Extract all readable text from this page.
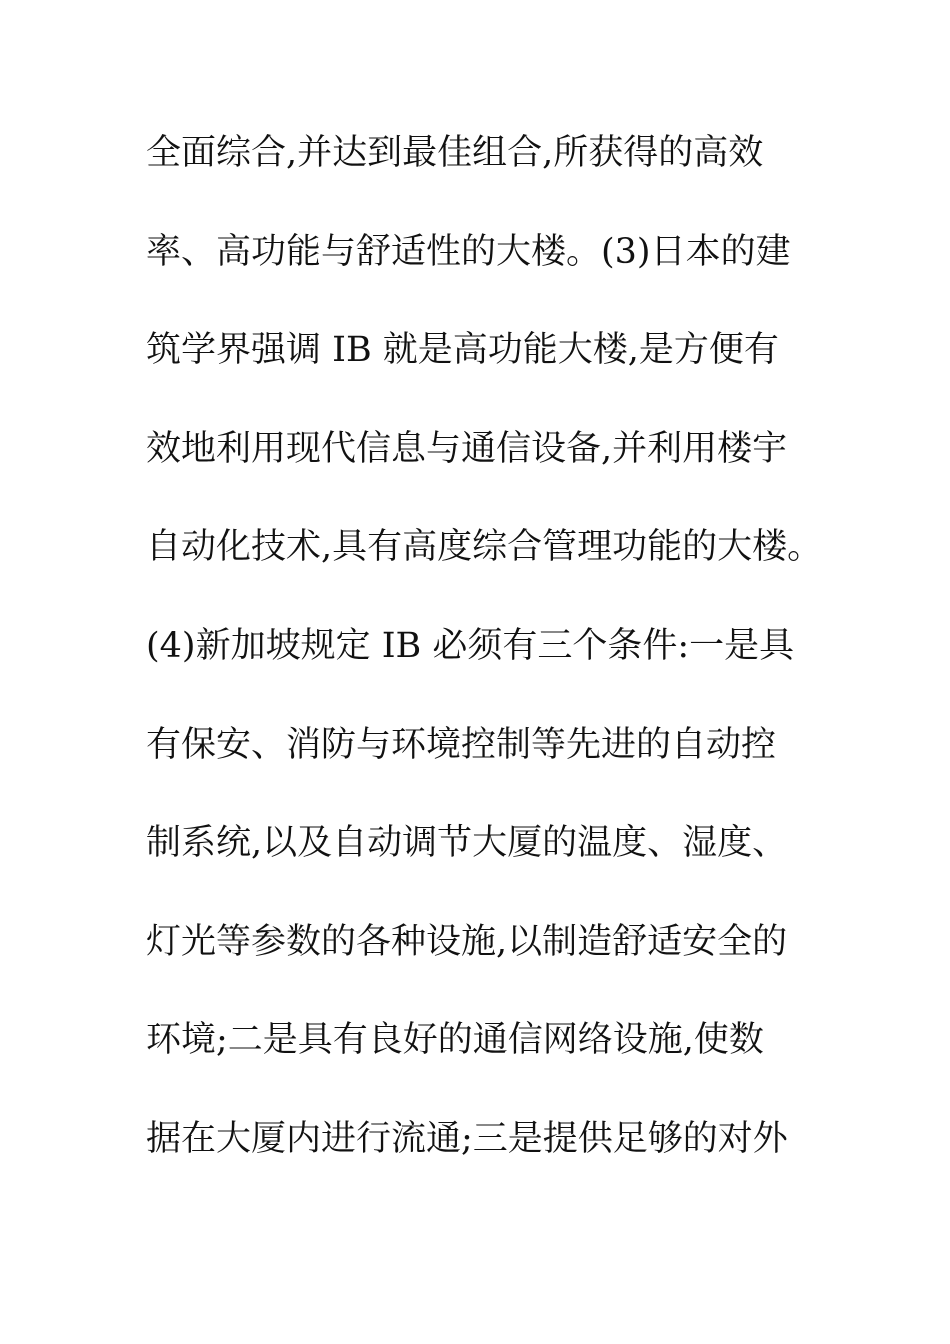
全面综合,并达到最佳组合,所获得的高效
率、高功能与舒适性的大楼。(3)日本的建
筑学界强调 IB 就是高功能大楼,是方便有
效地利用现代信息与通信设备,并利用楼宇
自动化技术,具有高度综合管理功能的大楼。
(4)新加坡规定 IB 必须有三个条件:一是具
有保安、消防与环境控制等先进的自动控
制系统,以及自动调节大厦的温度、湿度、
灯光等参数的各种设施,以制造舒适安全的
环境;二是具有良好的通信网络设施,使数
据在大厦内进行流通;三是提供足够的对外
